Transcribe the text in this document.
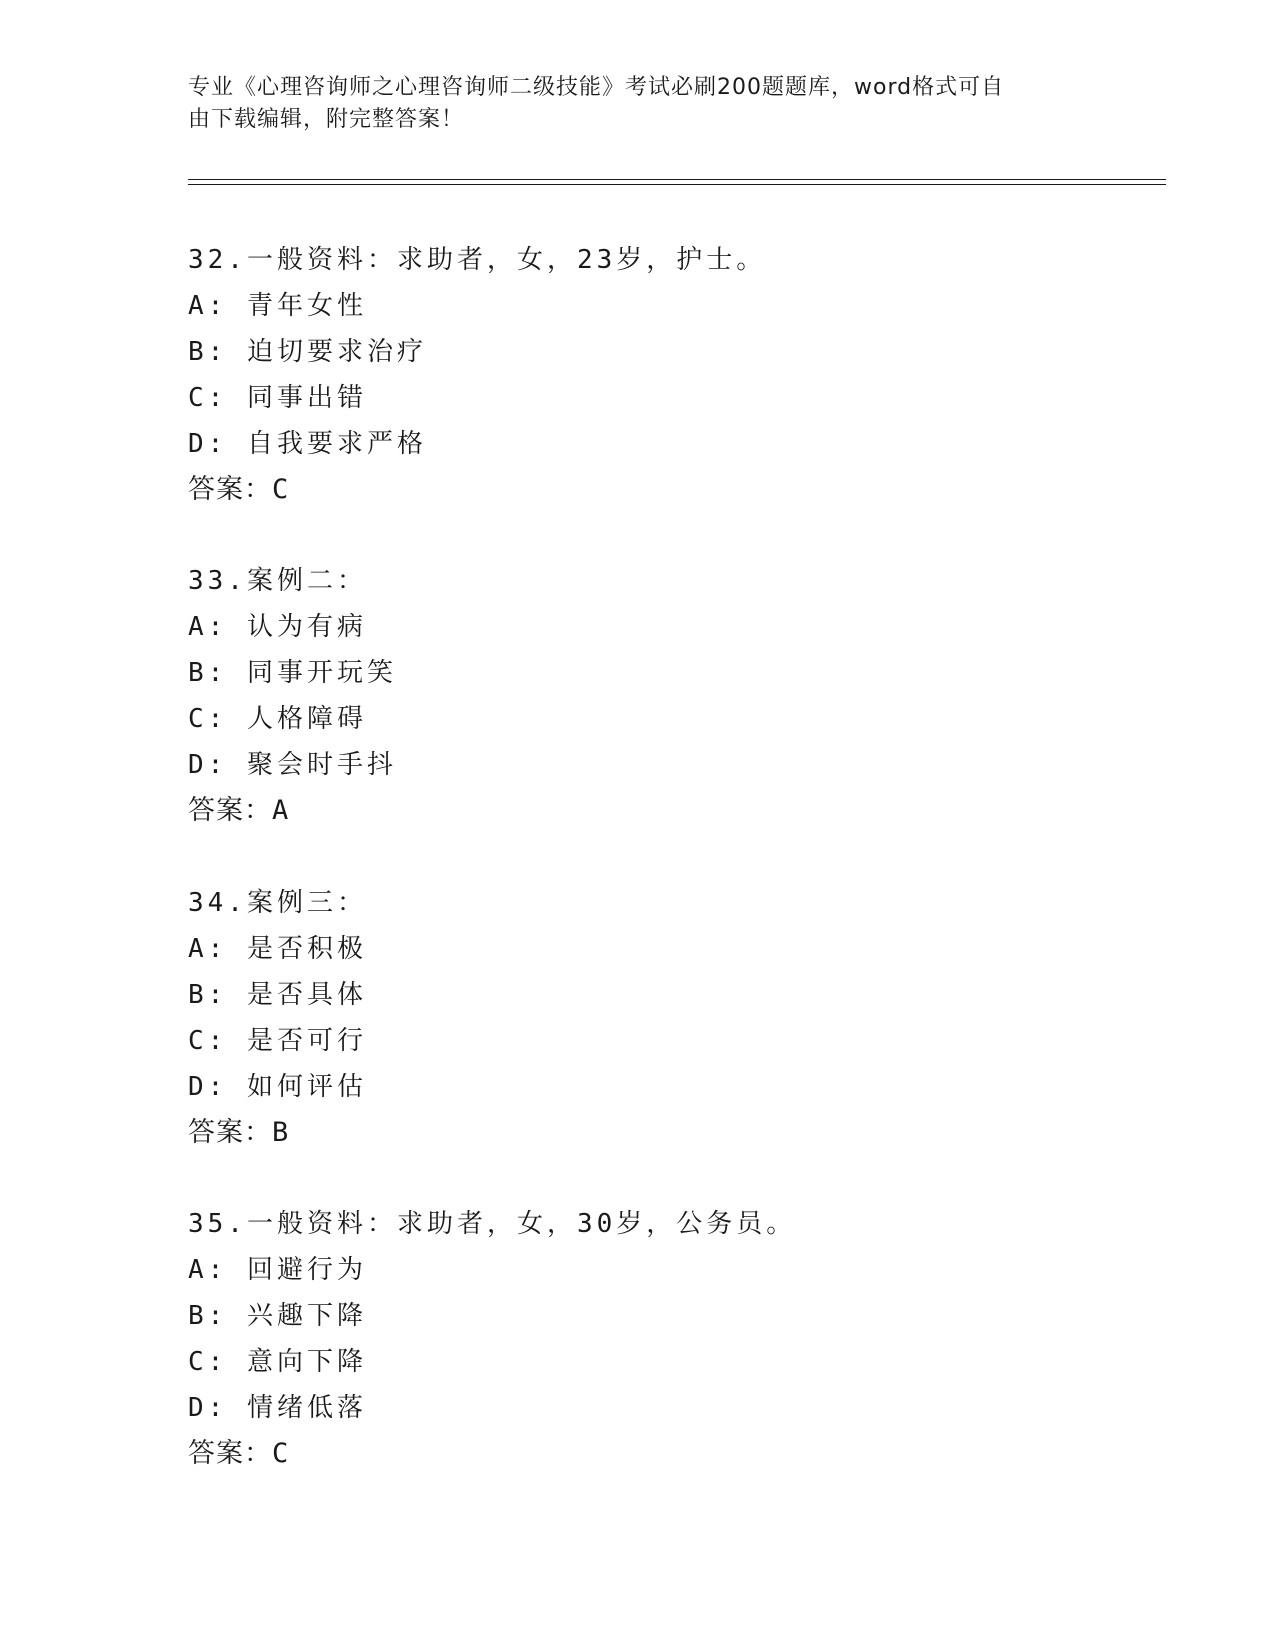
专业《心理咨询师之心理咨询师二级技能》考试必刷200题题库，word格式可自
由下载编辑，附完整答案！
32.一般资料：求助者，女，23岁，护士。
A: 青年女性
B: 迫切要求治疗
C: 同事出错
D: 自我要求严格
答案：C
33.案例二：
A: 认为有病
B: 同事开玩笑
C: 人格障碍
D: 聚会时手抖
答案：A
34.案例三：
A: 是否积极
B: 是否具体
C: 是否可行
D: 如何评估
答案：B
35.一般资料：求助者，女，30岁，公务员。
A: 回避行为
B: 兴趣下降
C: 意向下降
D: 情绪低落
答案：C
